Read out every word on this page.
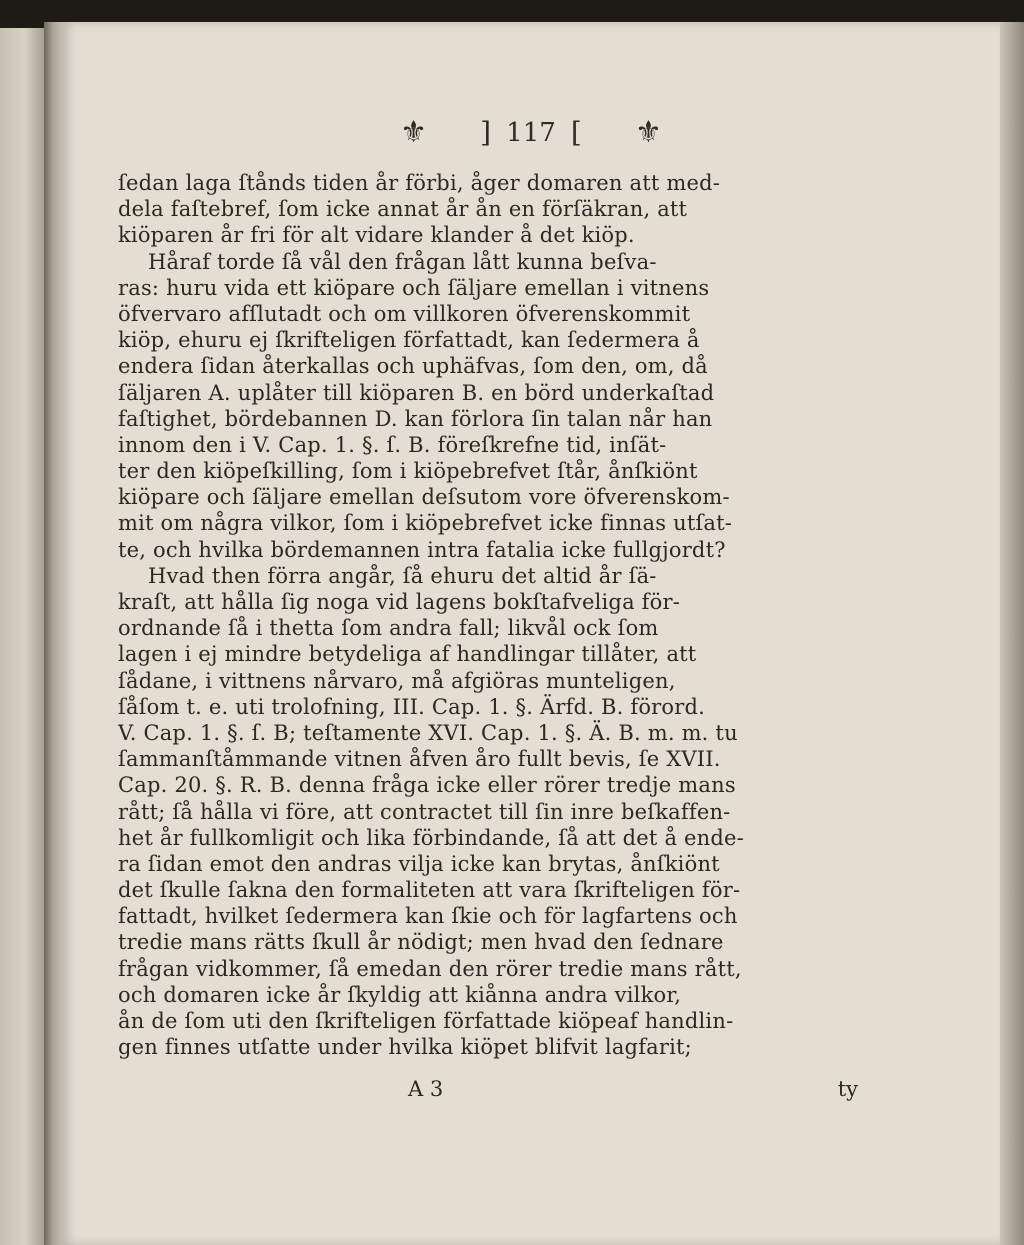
⚜ ] 117 [ ⚜
ſedan laga ſtånds tiden år förbi, åger domaren att med-
dela faſtebref, ſom icke annat år ån en förſäkran, att
kiöparen år fri för alt vidare klander å det kiöp.
Håraf torde ſå vål den frågan lått kunna beſva-
ras: huru vida ett kiöpare och ſäljare emellan i vitnens
öfvervaro afſlutadt och om villkoren öfverenskommit
kiöp, ehuru ej ſkrifteligen författadt, kan ſedermera å
endera ſidan återkallas och uphäfvas, ſom den, om, då
ſäljaren A. uplåter till kiöparen B. en börd underkaſtad
faſtighet, bördebannen D. kan förlora ſin talan når han
innom den i V. Cap. 1. §. ſ. B. föreſkrefne tid, inſät-
ter den kiöpeſkilling, ſom i kiöpebrefvet ſtår, ånſkiönt
kiöpare och ſäljare emellan deſsutom vore öfverenskom-
mit om några vilkor, ſom i kiöpebrefvet icke finnas utſat-
te, och hvilka bördemannen intra fatalia icke fullgjordt?
Hvad then förra angår, ſå ehuru det altid år ſä-
kraſt, att hålla ſig noga vid lagens bokſtafveliga för-
ordnande ſå i thetta ſom andra fall; likvål ock ſom
lagen i ej mindre betydeliga af handlingar tillåter, att
ſådane, i vittnens nårvaro, må afgiöras munteligen,
ſåſom t. e. uti trolofning, III. Cap. 1. §. Ärfd. B. förord.
V. Cap. 1. §. ſ. B; teſtamente XVI. Cap. 1. §. Ä. B. m. m. tu
ſammanſtåmmande vitnen åfven åro fullt bevis, ſe XVII.
Cap. 20. §. R. B. denna fråga icke eller rörer tredje mans
rått; ſå hålla vi före, att contractet till ſin inre beſkaffen-
het år fullkomligit och lika förbindande, ſå att det å ende-
ra ſidan emot den andras vilja icke kan brytas, ånſkiönt
det ſkulle ſakna den formaliteten att vara ſkrifteligen för-
fattadt, hvilket ſedermera kan ſkie och för lagfartens och
tredie mans rätts ſkull år nödigt; men hvad den ſednare
frågan vidkommer, ſå emedan den rörer tredie mans rått,
och domaren icke år ſkyldig att kiånna andra vilkor,
ån de ſom uti den ſkrifteligen författade kiöpeaf handlin-
gen finnes utſatte under hvilka kiöpet blifvit lagfarit;
A 3	ty
